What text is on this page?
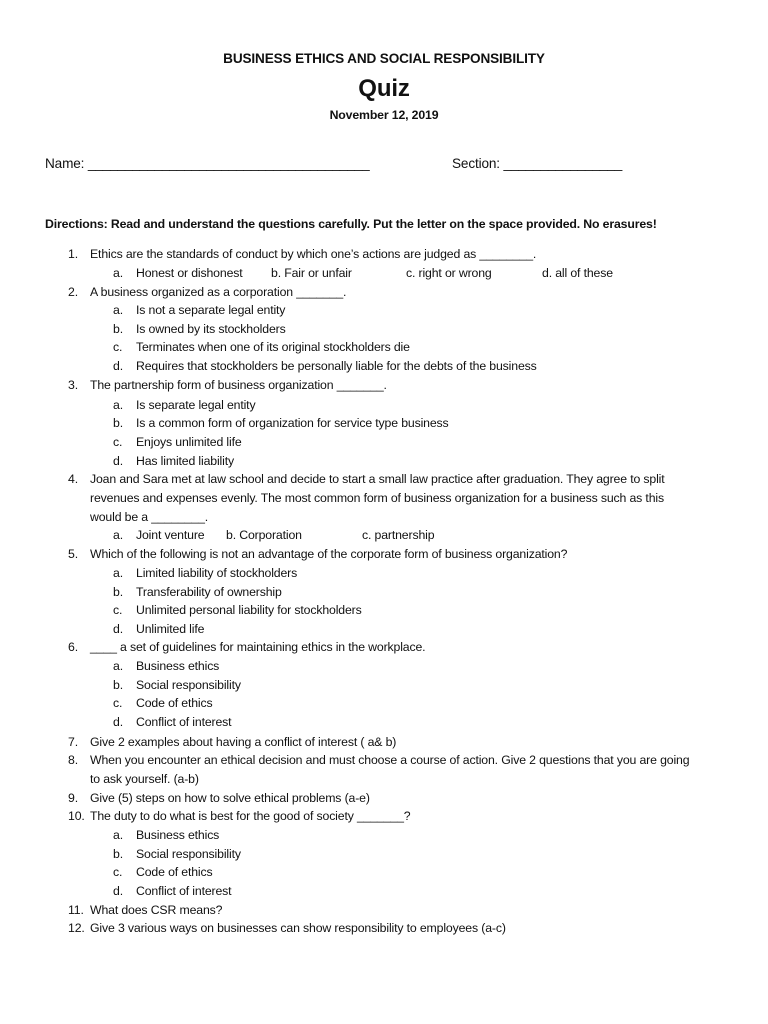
BUSINESS ETHICS AND SOCIAL RESPONSIBILITY
Quiz
November 12, 2019
Name: ______________________________________	Section: ________________
Directions: Read and understand the questions carefully. Put the letter on the space provided. No erasures!
1. Ethics are the standards of conduct by which one’s actions are judged as ________.
a. Honest or dishonest b. Fair or unfair	c. right or wrong	d. all of these
2. A business organized as a corporation _______.
a. Is not a separate legal entity
b. Is owned by its stockholders
c. Terminates when one of its original stockholders die
d. Requires that stockholders be personally liable for the debts of the business
3. The partnership form of business organization _______.
a. Is separate legal entity
b. Is a common form of organization for service type business
c. Enjoys unlimited life
d. Has limited liability
4. Joan and Sara met at law school and decide to start a small law practice after graduation. They agree to split
revenues and expenses evenly. The most common form of business organization for a business such as this
would be a ________.
a. Joint venture b. Corporation	c. partnership
5. Which of the following is not an advantage of the corporate form of business organization?
a. Limited liability of stockholders
b. Transferability of ownership
c. Unlimited personal liability for stockholders
d. Unlimited life
6. ____ a set of guidelines for maintaining ethics in the workplace.
a. Business ethics
b. Social responsibility
c. Code of ethics
d. Conflict of interest
7. Give 2 examples about having a conflict of interest ( a& b)
8. When you encounter an ethical decision and must choose a course of action. Give 2 questions that you are going
to ask yourself. (a-b)
9. Give (5) steps on how to solve ethical problems (a-e)
10. The duty to do what is best for the good of society _______?
a. Business ethics
b. Social responsibility
c. Code of ethics
d. Conflict of interest
11. What does CSR means?
12. Give 3 various ways on businesses can show responsibility to employees (a-c)
